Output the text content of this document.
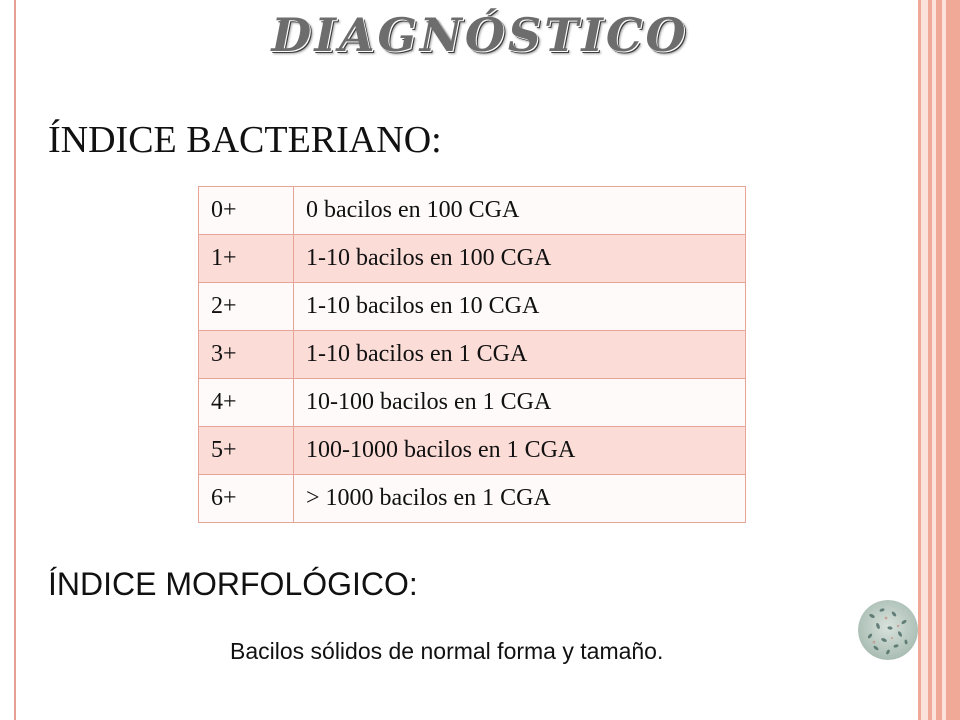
DIAGNÓSTICO
ÍNDICE BACTERIANO:
0+	0 bacilos en 100 CGA
1+	1-10 bacilos en 100 CGA
2+	1-10 bacilos en 10 CGA
3+	1-10 bacilos en 1 CGA
4+	10-100 bacilos en 1 CGA
5+	100-1000 bacilos en 1 CGA
6+	> 1000 bacilos en 1 CGA
ÍNDICE MORFOLÓGICO:

Bacilos sólidos de normal forma y tamaño.
